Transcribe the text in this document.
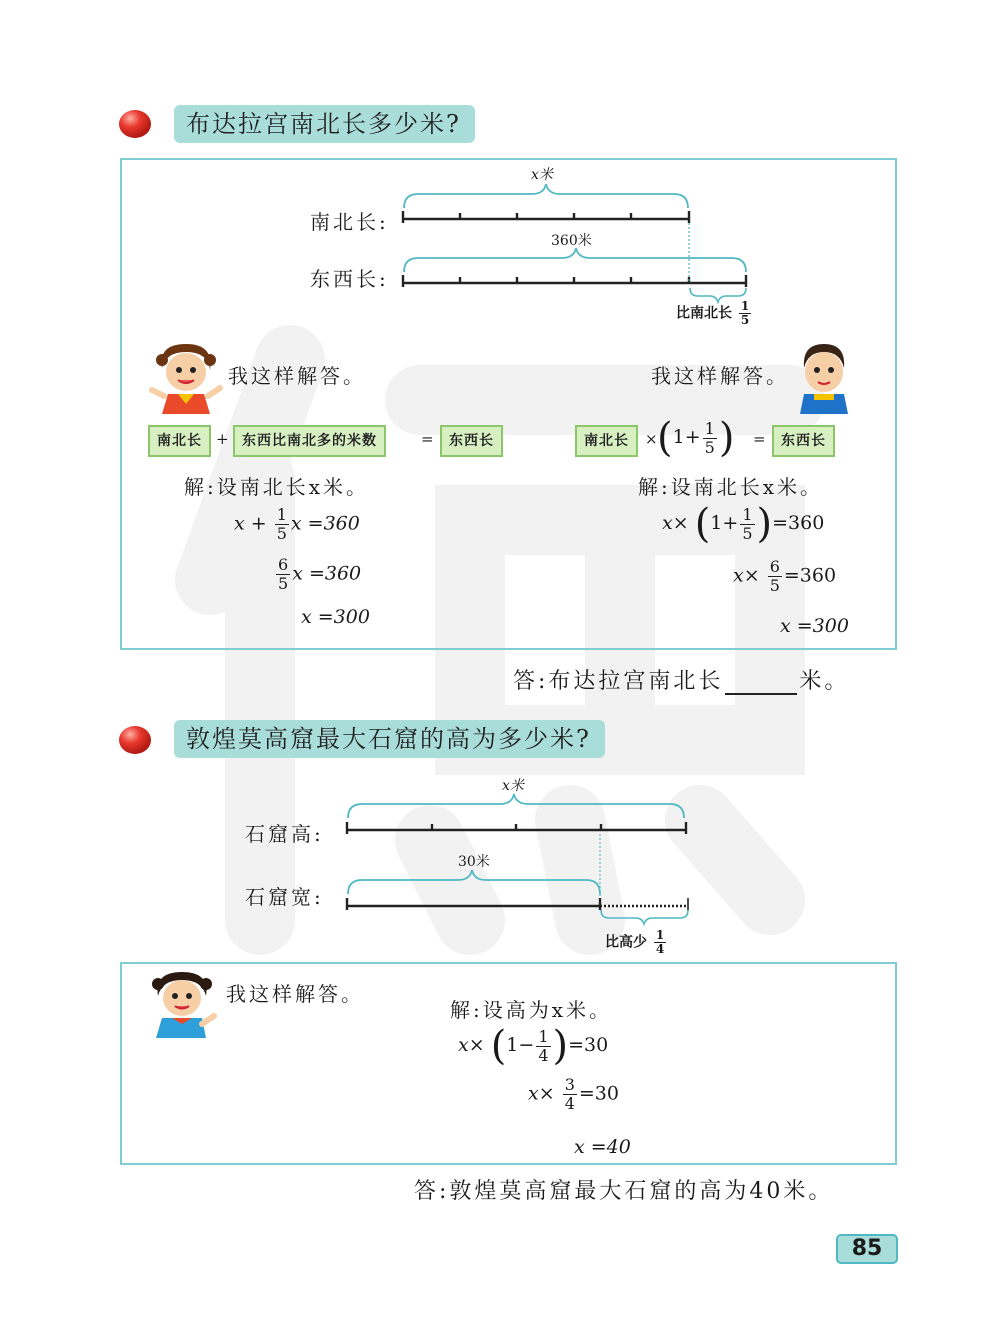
布达拉宫南北长多少米?
x米
南北长:
360米
东西长:
比南北长 $\frac{1}{5}$
我这样解答。	我这样解答。
南北长 + 东西比南北多的米数	=	东西长	南北长	× ($1+ \frac{1}{5}$ ) =	东西长
解:设南北长x米。
$x + \frac{1}{5}$ x =360
$\frac{6}{5}$ x =360
x =300
解:设南北长x米。
$x\times (1+ \frac{1}{5} )=360$
$x\times \frac{6}{5} =360$
x =300
答:布达拉宫南北长	米。
敦煌莫高窟最大石窟的高为多少米?
x米
石窟高:
30米
石窟宽:
比高少 $\frac{1}{4}$
我这样解答。
解:设高为x米。
$x\times (1- \frac{1}{4} )=30$
$x\times \frac{3}{4} =30$
x =40
答:敦煌莫高窟最大石窟的高为40米。
85
